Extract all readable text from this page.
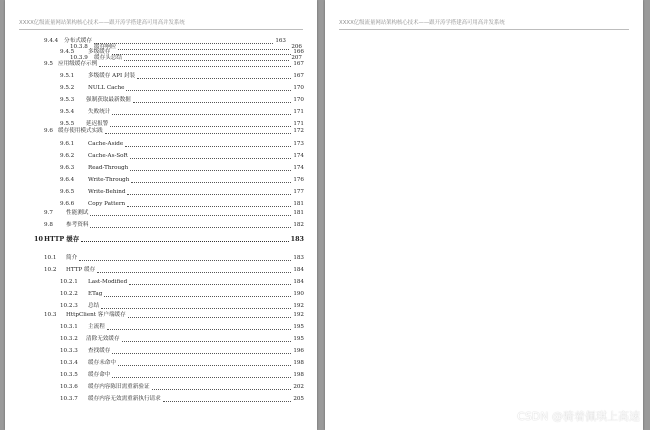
XXXX亿级流量网站架构核心技术——跟开涛学搭建高可用高并发系统
9.4.4	分布式缓存	163
9.4.5	多级缓存	166
9.5 应用级缓存示例	167
9.5.1	多级缓存 API 封装	167
9.5.2	NULL Cache	170
9.5.3	强制获取最新数据	170
9.5.4	失败统计	171
9.5.5	延迟报警	171
9.6 缓存使用模式实践	172
9.6.1	Cache-Aside	173
9.6.2	Cache-As-SoR	174
9.6.3	Read-Through	174
9.6.4	Write-Through	176
9.6.5	Write-Behind	177
9.6.6	Copy Pattern	181
9.7	性能测试	181
9.8	参考资料	182
10 HTTP 缓存	183
10.1	简介	183
10.2	HTTP 缓存	184
10.2.1	Last-Modified	184
10.2.2	ETag	190
10.2.3	总结	192
10.3	HttpClient 客户端缓存	192
10.3.1	主流程	195
10.3.2	清除无效缓存	195
10.3.3	查找缓存	196
10.3.4	缓存未命中	198
10.3.5	缓存命中	198
10.3.6	缓存内容陈旧需重新验证	202
10.3.7	缓存内容无效需重新执行请求	205
XXXX亿级流量网站架构核心技术——跟开涛学搭建高可用高并发系统
10.3.8	缓存响应	206
10.3.9	缓存头总结	207
CSDN @骑着佩琪上高速
